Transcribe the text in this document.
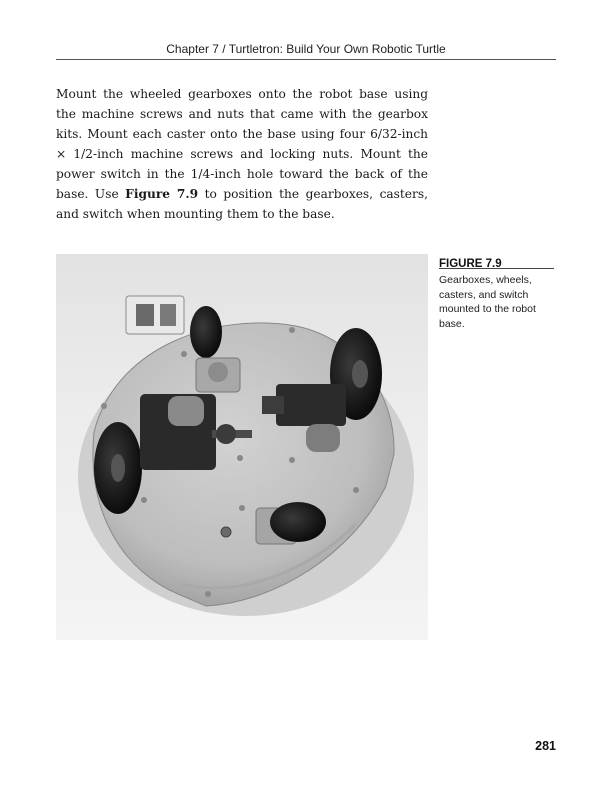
Chapter 7 / Turtletron: Build Your Own Robotic Turtle

Mount the wheeled gearboxes onto the robot base using the machine screws and nuts that came with the gearbox kits. Mount each caster onto the base using four 6/32-inch × 1/2-inch machine screws and locking nuts. Mount the power switch in the 1/4-inch hole toward the back of the base. Use Figure 7.9 to position the gearboxes, casters, and switch when mounting them to the base.

FIGURE 7.9

Gearboxes, wheels, casters, and switch mounted to the robot base.

281
